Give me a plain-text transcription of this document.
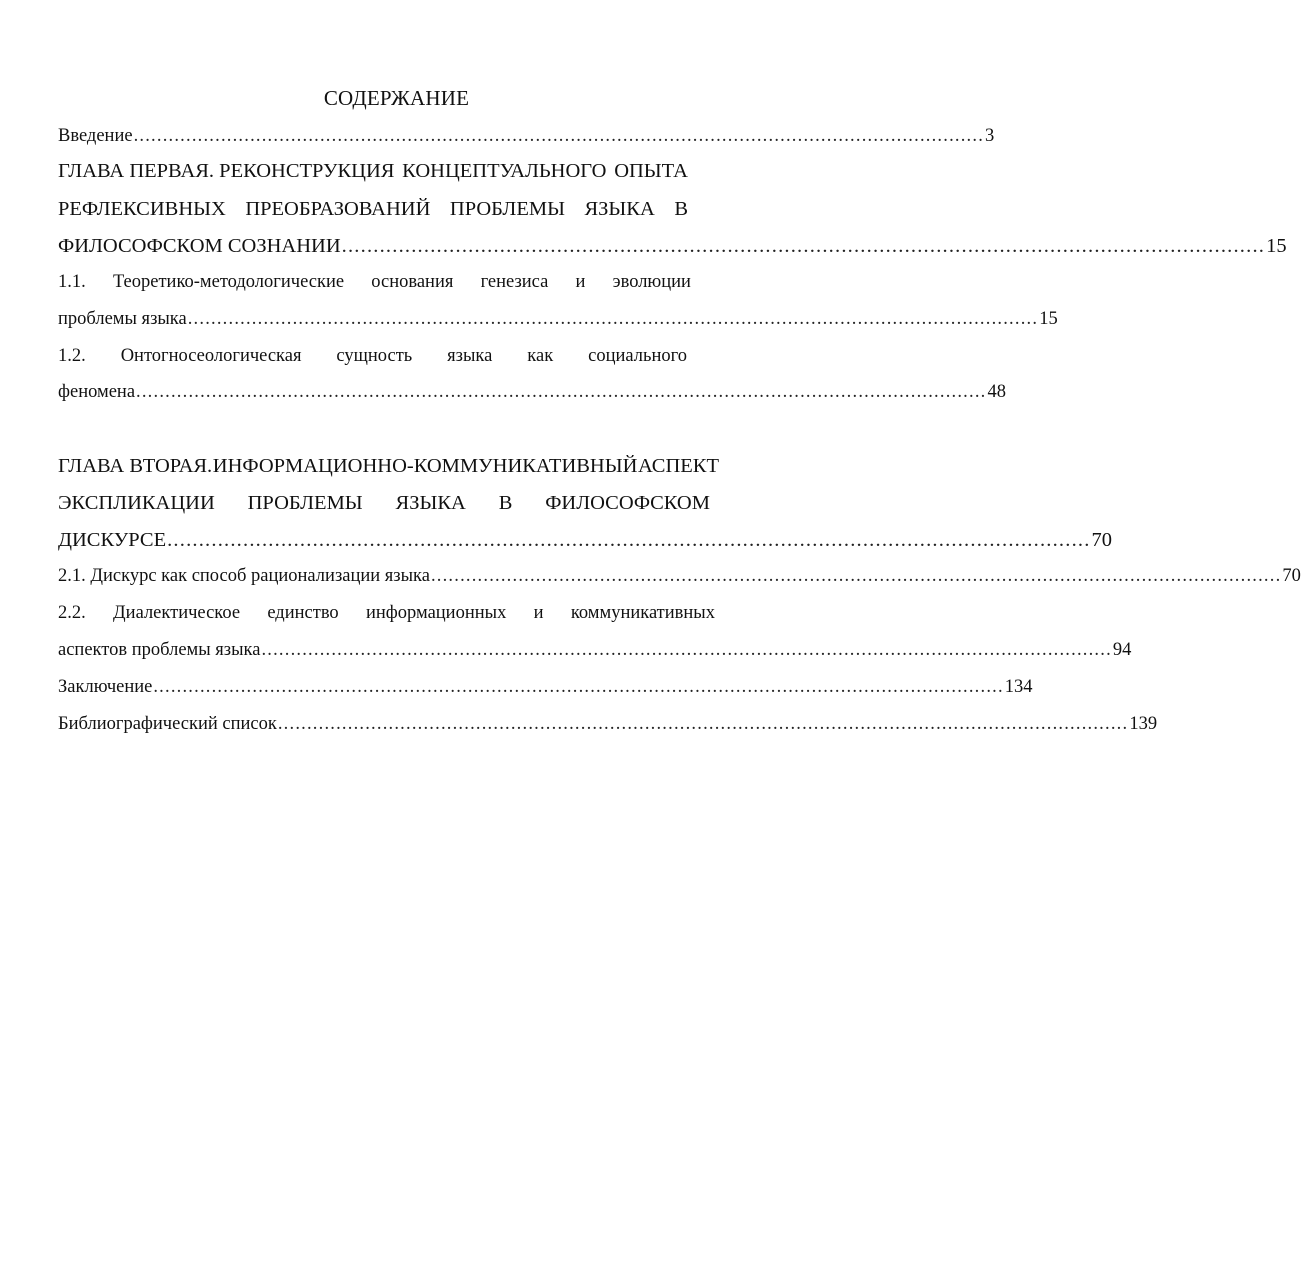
СОДЕРЖАНИЕ
Введение .................................................................................................................................................. 3
ГЛАВА ПЕРВАЯ. РЕКОНСТРУКЦИЯ КОНЦЕПТУАЛЬНОГО ОПЫТА
РЕФЛЕКСИВНЫХ ПРЕОБРАЗОВАНИЙ ПРОБЛЕМЫ ЯЗЫКА В
ФИЛОСОФСКОМ СОЗНАНИИ .................................................................................................................................................. 15
1.1. Теоретико-методологические основания генезиса и эволюции
проблемы языка .................................................................................................................................................. 15
1.2. Онтогносеологическая сущность языка как социального
феномена .................................................................................................................................................. 48
ГЛАВА ВТОРАЯ. ИНФОРМАЦИОННО-КОММУНИКАТИВНЫЙ АСПЕКТ
ЭКСПЛИКАЦИИ ПРОБЛЕМЫ ЯЗЫКА В ФИЛОСОФСКОМ
ДИСКУРСЕ .................................................................................................................................................. 70
2.1. Дискурс как способ рационализации языка .................................................................................................................................................. 70
2.2. Диалектическое единство информационных и коммуникативных
аспектов проблемы языка .................................................................................................................................................. 94
Заключение .................................................................................................................................................. 134
Библиографический список .................................................................................................................................................. 139
